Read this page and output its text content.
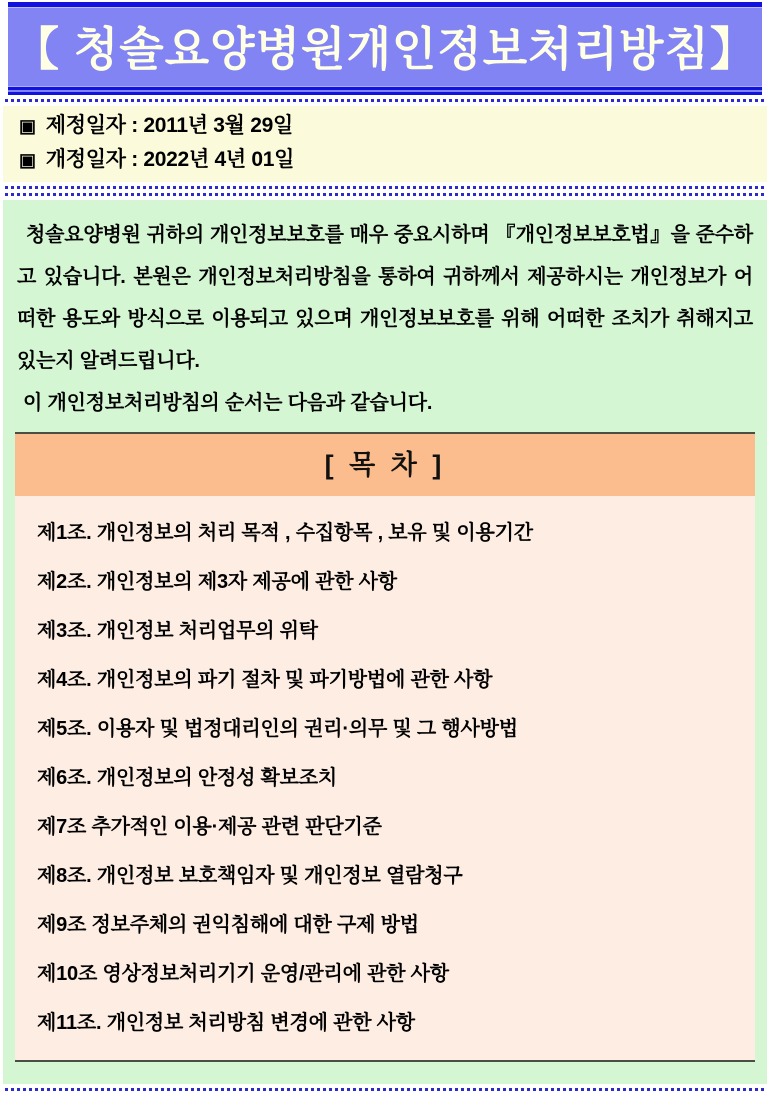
【 청솔요양병원개인정보처리방침】
▣ 제정일자 : 2011년 3월 29일
▣ 개정일자 : 2022년 4년 01일

청솔요양병원 귀하의 개인정보보호를 매우 중요시하며 『개인정보보호법』을 준수하고 있습니다. 본원은 개인정보처리방침을 통하여 귀하께서 제공하시는 개인정보가 어떠한 용도와 방식으로 이용되고 있으며 개인정보보호를 위해 어떠한 조치가 취해지고 있는지 알려드립니다.

이 개인정보처리방침의 순서는 다음과 같습니다.

[ 목 차 ]
제1조. 개인정보의 처리 목적 , 수집항목 , 보유 및 이용기간
제2조. 개인정보의 제3자 제공에 관한 사항
제3조. 개인정보 처리업무의 위탁
제4조. 개인정보의 파기 절차 및 파기방법에 관한 사항
제5조. 이용자 및 법정대리인의 권리·의무 및 그 행사방법
제6조. 개인정보의 안정성 확보조치
제7조 추가적인 이용·제공 관련 판단기준
제8조. 개인정보 보호책임자 및 개인정보 열람청구
제9조 정보주체의 권익침해에 대한 구제 방법
제10조 영상정보처리기기 운영/관리에 관한 사항
제11조. 개인정보 처리방침 변경에 관한 사항
